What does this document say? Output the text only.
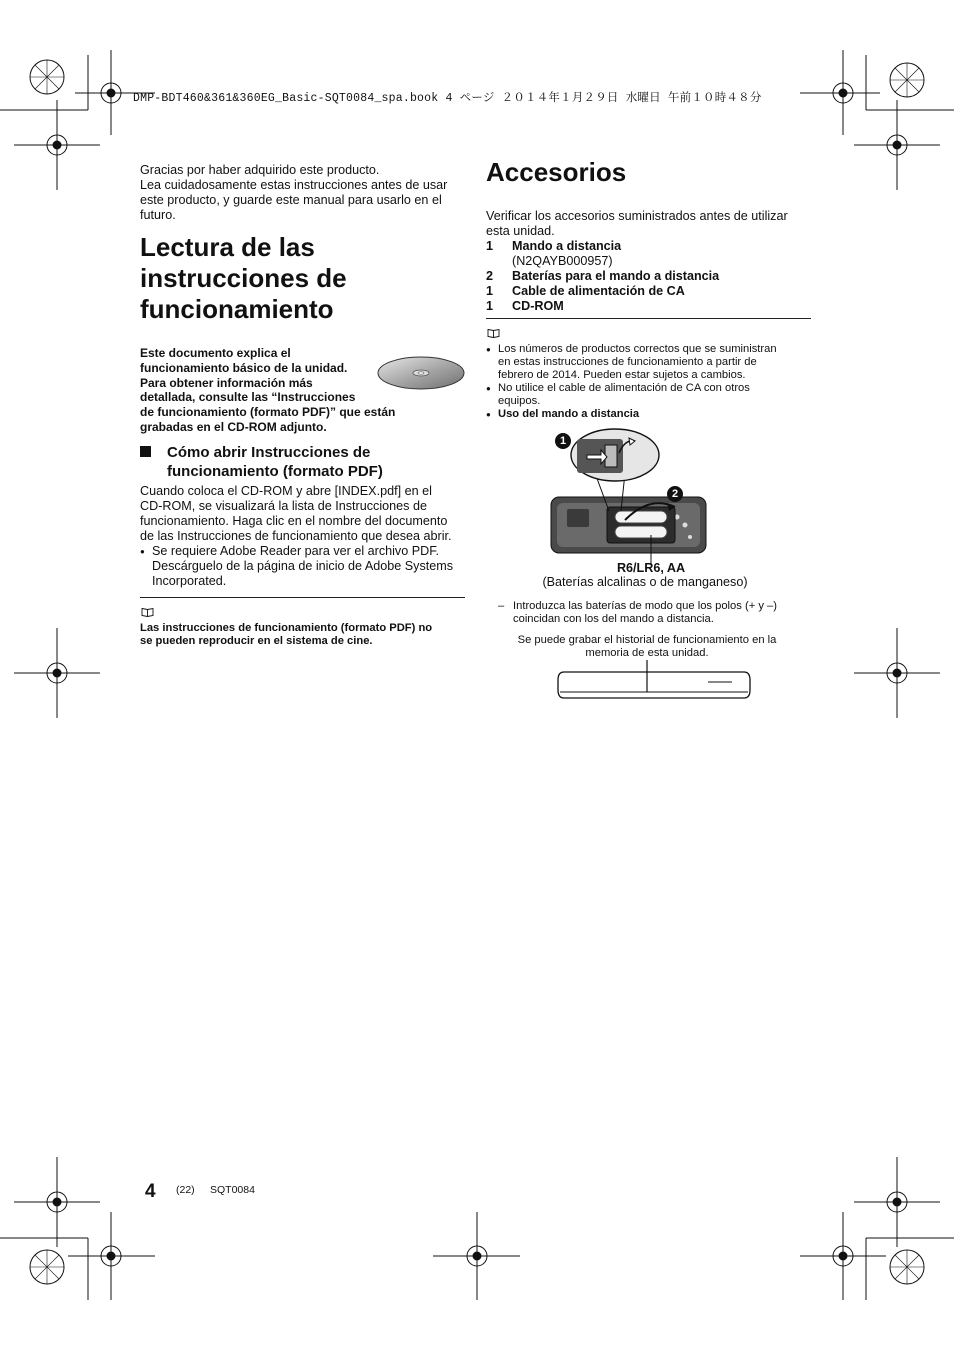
DMP-BDT460&361&360EG_Basic-SQT0084_spa.book 4 ページ ２０１４年１月２９日 水曜日 午前１０時４８分
Gracias por haber adquirido este producto.
Lea cuidadosamente estas instrucciones antes de usar
este producto, y guarde este manual para usarlo en el
futuro.
Lectura de las
instrucciones de
funcionamiento
Este documento explica el
funcionamiento básico de la unidad.
Para obtener información más
detallada, consulte las “Instrucciones
de funcionamiento (formato PDF)” que están
grabadas en el CD-ROM adjunto.
Cómo abrir Instrucciones de
funcionamiento (formato PDF)
Cuando coloca el CD-ROM y abre [INDEX.pdf] en el
CD-ROM, se visualizará la lista de Instrucciones de
funcionamiento. Haga clic en el nombre del documento
de las Instrucciones de funcionamiento que desea abrir.
● Se requiere Adobe Reader para ver el archivo PDF.
Descárguelo de la página de inicio de Adobe Systems
Incorporated.
Las instrucciones de funcionamiento (formato PDF) no
se pueden reproducir en el sistema de cine.
Accesorios
Verificar los accesorios suministrados antes de utilizar
esta unidad.
1	Mando a distancia
(N2QAYB000957)
2	Baterías para el mando a distancia
1	Cable de alimentación de CA
1	CD-ROM
● Los números de productos correctos que se suministran
en estas instrucciones de funcionamiento a partir de
febrero de 2014. Pueden estar sujetos a cambios.
● No utilice el cable de alimentación de CA con otros
equipos.
● Uso del mando a distancia
1
2
R6/LR6, AA
(Baterías alcalinas o de manganeso)
– Introduzca las baterías de modo que los polos (+ y –)
coincidan con los del mando a distancia.
Se puede grabar el historial de funcionamiento en la
memoria de esta unidad.
4 (22) SQT0084
